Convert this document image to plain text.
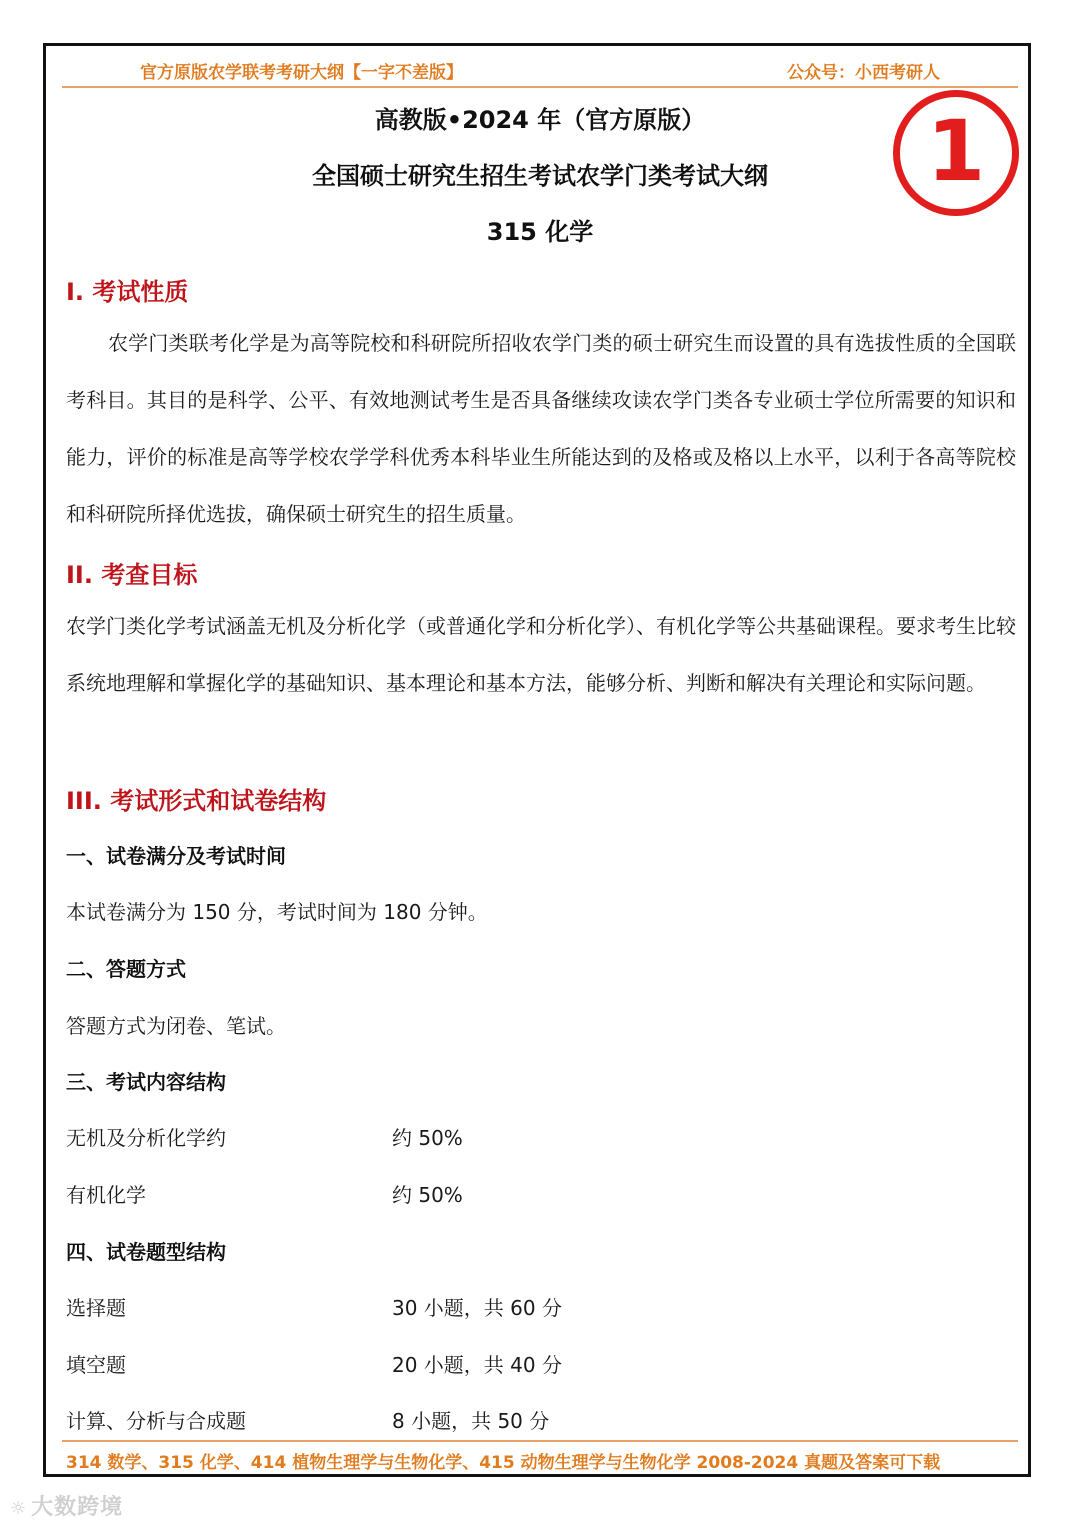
官方原版农学联考考研大纲【一字不差版】	公众号：小西考研人
高教版•2024 年（官方原版）
全国硕士研究生招生考试农学门类考试大纲
315 化学
1
I. 考试性质

农学门类联考化学是为高等院校和科研院所招收农学门类的硕士研究生而设置的具有选拔性质的全国联考科目。其目的是科学、公平、有效地测试考生是否具备继续攻读农学门类各专业硕士学位所需要的知识和能力，评价的标准是高等学校农学学科优秀本科毕业生所能达到的及格或及格以上水平，以利于各高等院校和科研院所择优选拔，确保硕士研究生的招生质量。

II. 考查目标

农学门类化学考试涵盖无机及分析化学（或普通化学和分析化学）、有机化学等公共基础课程。要求考生比较系统地理解和掌握化学的基础知识、基本理论和基本方法，能够分析、判断和解决有关理论和实际问题。

III. 考试形式和试卷结构
一、试卷满分及考试时间
本试卷满分为 150 分，考试时间为 180 分钟。
二、答题方式
答题方式为闭卷、笔试。
三、考试内容结构
无机及分析化学约	约 50%
有机化学	约 50%
四、试卷题型结构
选择题	30 小题，共 60 分
填空题	20 小题，共 40 分
计算、分析与合成题	8 小题，共 50 分
314 数学、315 化学、414 植物生理学与生物化学、415 动物生理学与生物化学 2008-2024 真题及答案可下载
☼ 大数跨境
